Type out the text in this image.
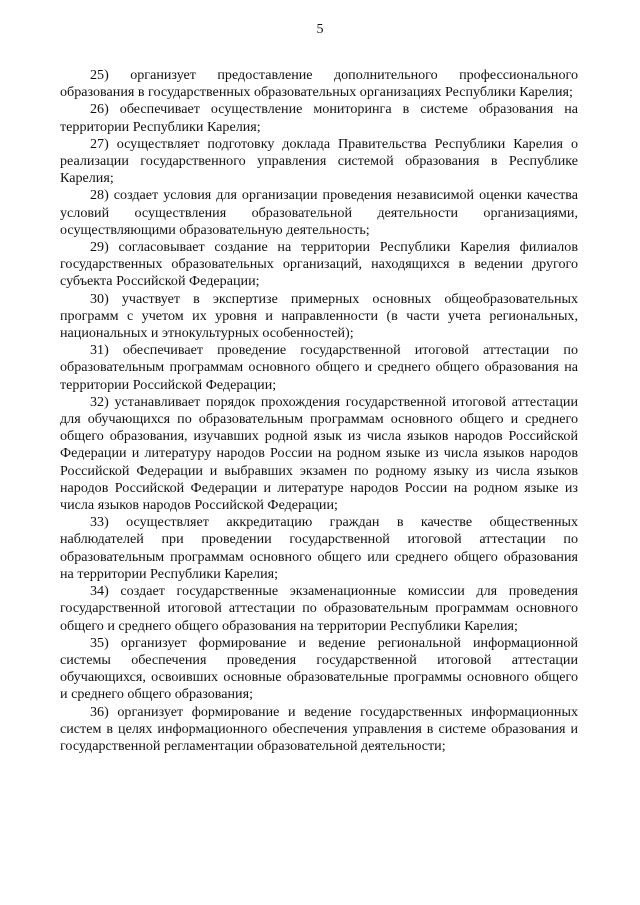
5

25) организует предоставление дополнительного профессионального образования в государственных образовательных организациях Республики Карелия;

26) обеспечивает осуществление мониторинга в системе образования на территории Республики Карелия;

27) осуществляет подготовку доклада Правительства Республики Карелия о реализации государственного управления системой образования в Республике Карелия;

28) создает условия для организации проведения независимой оценки качества условий осуществления образовательной деятельности организациями, осуществляющими образовательную деятельность;

29) согласовывает создание на территории Республики Карелия филиалов государственных образовательных организаций, находящихся в ведении другого субъекта Российской Федерации;

30) участвует в экспертизе примерных основных общеобразовательных программ с учетом их уровня и направленности (в части учета региональных, национальных и этнокультурных особенностей);

31) обеспечивает проведение государственной итоговой аттестации по образовательным программам основного общего и среднего общего образования на территории Российской Федерации;

32) устанавливает порядок прохождения государственной итоговой аттестации для обучающихся по образовательным программам основного общего и среднего общего образования, изучавших родной язык из числа языков народов Российской Федерации и литературу народов России на родном языке из числа языков народов Российской Федерации и выбравших экзамен по родному языку из числа языков народов Российской Федерации и литературе народов России на родном языке из числа языков народов Российской Федерации;

33) осуществляет аккредитацию граждан в качестве общественных наблюдателей при проведении государственной итоговой аттестации по образовательным программам основного общего или среднего общего образования на территории Республики Карелия;

34) создает государственные экзаменационные комиссии для проведения государственной итоговой аттестации по образовательным программам основного общего и среднего общего образования на территории Республики Карелия;

35) организует формирование и ведение региональной информационной системы обеспечения проведения государственной итоговой аттестации обучающихся, освоивших основные образовательные программы основного общего и среднего общего образования;

36) организует формирование и ведение государственных информационных систем в целях информационного обеспечения управления в системе образования и государственной регламентации образовательной деятельности;
